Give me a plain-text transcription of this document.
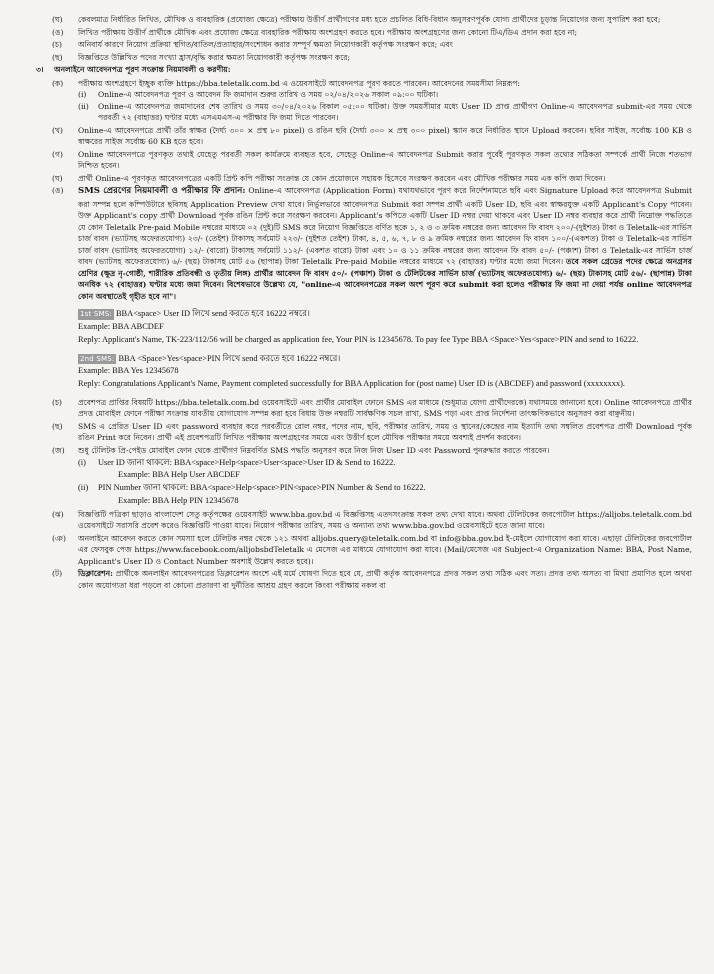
(ঘ)	কেবলমাত্র নির্ধারিত লিখিত, মৌখিক ও ব্যবহারিক (প্রযোজ্য ক্ষেত্রে) পরীক্ষায় উত্তীর্ণ প্রার্থীগণের মধ্য হতে প্রচলিত বিধি-বিধান অনুসরণপূর্বক যোগ্য প্রার্থীদের চূড়ান্ত নিয়োগের জন্য সুপারিশ করা হবে;
(ঙ)	লিখিত পরীক্ষায় উত্তীর্ণ প্রার্থীকে মৌখিক এবং প্রযোজ্য ক্ষেত্রে ব্যবহারিক পরীক্ষায় অংশগ্রহণ করতে হবে। পরীক্ষায় অংশগ্রহণের জন্য কোনো টিএ/ডিএ প্রদান করা হবে না;
(চ)	অনিবার্য কারণে নিয়োগ প্রক্রিয়া স্থগিত/বাতিল/প্রত্যাহার/সংশোধন করার সম্পূর্ণ ক্ষমতা নিয়োগকারী কর্তৃপক্ষ সংরক্ষণ করে; এবং
(ছ)	বিজ্ঞপ্তিতে উল্লিখিত পদের সংখ্যা হ্রাস/বৃদ্ধি করার ক্ষমতা নিয়োগকারী কর্তৃপক্ষ সংরক্ষণ করে;
৩।	অনলাইনে আবেদনপত্র পূরণ সংক্রান্ত নিয়মাবলী ও করণীয়:
(ক)	পরীক্ষায় অংশগ্রহণে ইচ্ছুক ব্যক্তি https://bba.teletalk.com.bd এ ওয়েবসাইটে আবেদনপত্র পূরণ করতে পারবেন। আবেদনের সময়সীমা নিম্নরূপ:
(i)	Online-এ আবেদনপত্র পূরণ ও আবেদন ফি জমাদান শুরুর তারিখ ও সময় ০২/০৪/২০২৬ সকাল ০৯:০০ ঘটিকা।
(ii)	Online-এ আবেদনপত্র জমাদানের শেষ তারিখ ও সময় ৩০/০৪/২০২৬ বিকাল ০৫:০০ ঘটিকা। উক্ত সময়সীমার মধ্যে User ID প্রাপ্ত প্রার্থীগণ Online-এ আবেদনপত্র submit-এর সময় থেকে পরবর্তী ৭২ (বাহাত্তর) ঘণ্টার মধ্যে এসএমএস-এ পরীক্ষার ফি জমা দিতে পারবেন।
(খ)	Online-এ আবেদনপত্রে প্রার্থী তাঁর স্বাক্ষর (দৈর্ঘ্য ৩০০ × প্রস্থ ৮০ pixel) ও রঙিন ছবি (দৈর্ঘ্য ৩০০ × প্রস্থ ৩০০ pixel) স্ক্যান করে নির্ধারিত স্থানে Upload করবেন। ছবির সাইজ, সর্বোচ্চ 100 KB ও স্বাক্ষরের সাইজ সর্বোচ্চ 60 KB হতে হবে।
(গ)	Online আবেদনপত্রে পূরণকৃত তথ্যই যেহেতু পরবর্তী সকল কার্যক্রমে ব্যবহৃত হবে, সেহেতু Online-এ আবেদনপত্র Submit করার পূর্বেই পূরণকৃত সকল তথ্যের সঠিকতা সম্পর্কে প্রার্থী নিজে শতভাগ নিশ্চিত হবেন।
(ঘ)	প্রার্থী Online-এ পূরণকৃত আবেদনপত্রের একটি প্রিন্ট কপি পরীক্ষা সংক্রান্ত যে কোন প্রয়োজনে সহায়ক হিসেবে সংরক্ষণ করবেন এবং মৌখিক পরীক্ষার সময় এক কপি জমা দিবেন।
(ঙ)	SMS প্রেরণের নিয়মাবলী ও পরীক্ষার ফি প্রদান: Online-এ আবেদনপত্র (Application Form) যথাযথভাবে পূরণ করে নির্দেশনামতে ছবি এবং Signature Upload করে আবেদনপত্র Submit করা সম্পন্ন হলে কম্পিউটারে ছবিসহ Application Preview দেখা যাবে। নির্ভুলভাবে আবেদনপত্র Submit করা সম্পন্ন প্রার্থী একটি User ID, ছবি এবং স্বাক্ষরযুক্ত একটি Applicant's Copy পাবেন। উক্ত Applicant's copy প্রার্থী Download পূর্বক রঙিন প্রিন্ট করে সংরক্ষণ করবেন। Applicant's কপিতে একটি User ID নম্বর দেয়া থাকবে এবং User ID নম্বর ব্যবহার করে প্রার্থী নিম্নোক্ত পদ্ধতিতে যে কোন Teletalk Pre-paid Mobile নম্বরের মাধ্যমে ০২ (দুই)টি SMS করে নিয়োগ বিজ্ঞপ্তিতে বর্ণিত ছকে ১, ২ ও ৩ ক্রমিক নম্বরের জন্য আবেদন ফি বাবদ ২০০/-(দুইশত) টাকা ও Teletalk-এর সার্ভিস চার্জ বাবদ (ভ্যাটসহ অফেরতযোগ্য) ২৩/- (তেইশ) টাকাসহ সর্বমোট ২২৩/- (দুইশত তেইশ) টাকা, ৪, ৫, ৬, ৭, ৮ ও ৯ ক্রমিক নম্বরের জন্য আবেদন ফি বাবদ ১০০/-(একশত) টাকা ও Teletalk-এর সার্ভিস চার্জ বাবদ (ভ্যাটসহ অফেরতযোগ্য) ১২/- (বারো) টাকাসহ সর্বমোট ১১২/- (একশত বারো) টাকা এবং ১০ ও ১১ ক্রমিক নম্বরের জন্য আবেদন ফি বাবদ ৫০/- (পঞ্চাশ) টাকা ও Teletalk-এর সার্ভিস চার্জ বাবদ (ভ্যাটসহ অফেরতযোগ্য) ৬/- (ছয়) টাকাসহ মোট ৫৬ (ছাপান্ন) টাকা Teletalk Pre-paid Mobile নম্বরের মাধ্যমে ৭২ (বাহাত্তর) ঘণ্টার মধ্যে জমা দিবেন। তবে সকল গ্রেডের পদের ক্ষেত্রে অনগ্রসর শ্রেণির (ক্ষুদ্র নৃ-গোষ্ঠী, শারীরিক প্রতিবন্ধী ও তৃতীয় লিঙ্গ) প্রার্থীর আবেদন ফি বাবদ ৫০/- (পঞ্চাশ) টাকা ও টেলিটকের সার্ভিস চার্জ (ভ্যাটসহ অফেরতযোগ্য) ৬/- (ছয়) টাকাসহ মোট ৫৬/- (ছাপান্ন) টাকা অনধিক ৭২ (বাহাত্তর) ঘণ্টার মধ্যে জমা দিবেন। বিশেষভাবে উল্লেখ্য যে, "online-এ আবেদনপত্রের সকল অংশ পূরণ করে submit করা হলেও পরীক্ষার ফি জমা না দেয়া পর্যন্ত online আবেদনপত্র কোন অবস্থাতেই গৃহীত হবে না"।
1st SMS: BBA<space> User ID লিখে send করতে হবে 16222 নম্বরে।
Example: BBA ABCDEF
Reply: Applicant's Name, TK-223/112/56 will be charged as application fee, Your PIN is 12345678. To pay fee Type BBA <Space>Yes<space>PIN and send to 16222.
2nd SMS: BBA <Space>Yes<space>PIN লিখে send করতে হবে 16222 নম্বরে।
Example: BBA Yes 12345678
Reply: Congratulations Applicant's Name, Payment completed successfully for BBA Application for (post name) User ID is (ABCDEF) and password (xxxxxxxx).
(চ)	প্রবেশপত্র প্রাপ্তির বিষয়টি https://bba.teletalk.com.bd ওয়েবসাইটে এবং প্রার্থীর মোবাইল ফোনে SMS এর মাধ্যমে (শুধুমাত্র যোগ্য প্রার্থীদেরকে) যথাসময়ে জানানো হবে। Online আবেদনপত্রে প্রার্থীর প্রদত্ত মোবাইল ফোনে পরীক্ষা সংক্রান্ত যাবতীয় যোগাযোগ সম্পন্ন করা হবে বিধায় উক্ত নম্বরটি সার্বক্ষণিক সচল রাখা, SMS পড়া এবং প্রাপ্ত নির্দেশনা তাৎক্ষণিকভাবে অনুসরণ করা বাঞ্ছনীয়।
(ছ)	SMS এ প্রেরিত User ID এবং password ব্যবহার করে পরবর্তীতে রোল নম্বর, পদের নাম, ছবি, পরীক্ষার তারিখ, সময় ও স্থানের/কেন্দ্রের নাম ইত্যাদি তথ্য সম্বলিত প্রবেশপত্র প্রার্থী Download পূর্বক রঙিন Print করে নিবেন। প্রার্থী এই প্রবেশপত্রটি লিখিত পরীক্ষায় অংশগ্রহণের সময়ে এবং উত্তীর্ণ হলে মৌখিক পরীক্ষার সময়ে অবশ্যই প্রদর্শন করবেন।
(জ)	শুধু টেলিটক প্রি-পেইড মোবাইল ফোন থেকে প্রার্থীগণ নিম্নবর্ণিত SMS পদ্ধতি অনুসরণ করে নিজ নিজ User ID এবং Password পুনরুদ্ধার করতে পারবেন।
(i)	User ID জানা থাকলে: BBA<space>Help<space>User<space>User ID & Send to 16222.
Example: BBA Help User ABCDEF
(ii)	PIN Number জানা থাকলে: BBA<space>Help<space>PIN<space>PIN Number & Send to 16222.
Example: BBA Help PIN 12345678
(ঝ)	বিজ্ঞপ্তিটি পত্রিকা ছাড়াও বাংলাদেশ সেতু কর্তৃপক্ষের ওয়েবসাইট www.bba.gov.bd এ বিজ্ঞপ্তিসহ এতদসংক্রান্ত সকল তথ্য দেখা যাবে। অথবা টেলিটকের জবপোর্টাল https://alljobs.teletalk.com.bd ওয়েবসাইটে সরাসরি প্রবেশ করেও বিজ্ঞপ্তিটি পাওয়া যাবে। নিয়োগ পরীক্ষার তারিখ, সময় ও অন্যান্য তথ্য www.bba.gov.bd ওয়েবসাইটে হতে জানা যাবে।
(ঞ)	অনলাইনে আবেদন করতে কোন সমস্যা হলে টেলিটক নম্বর থেকে ১২১ অথবা alljobs.query@teletalk.com.bd বা info@bba.gov.bd ই-মেইলে যোগাযোগ করা যাবে। এছাড়া টেলিটকের জবপোর্টাল এর ফেসবুক পেজ https://www.facebook.com/alljobsbdTeletalk এ মেসেজ এর মাধ্যমে যোগাযোগ করা যাবে। (Mail/মেসেজ এর Subject-এ Organization Name: BBA, Post Name, Applicant's User ID ও Contact Number অবশ্যই উল্লেখ করতে হবে)।
(ট)	ডিক্লারেশন: প্রার্থীকে অনলাইন আবেদনপত্রের ডিক্লারেশন অংশে এই মর্মে ঘোষণা দিতে হবে যে, প্রার্থী কর্তৃক আবেদনপত্রে প্রদত্ত সকল তথ্য সঠিক এবং সত্য। প্রদত্ত তথ্য অসত্য বা মিথ্যা প্রমাণিত হলে অথবা কোন অযোগ্যতা ধরা পড়লে বা কোনো প্রতারণা বা দুর্নীতির আশ্রয় গ্রহণ করলে কিংবা পরীক্ষায় নকল বা
